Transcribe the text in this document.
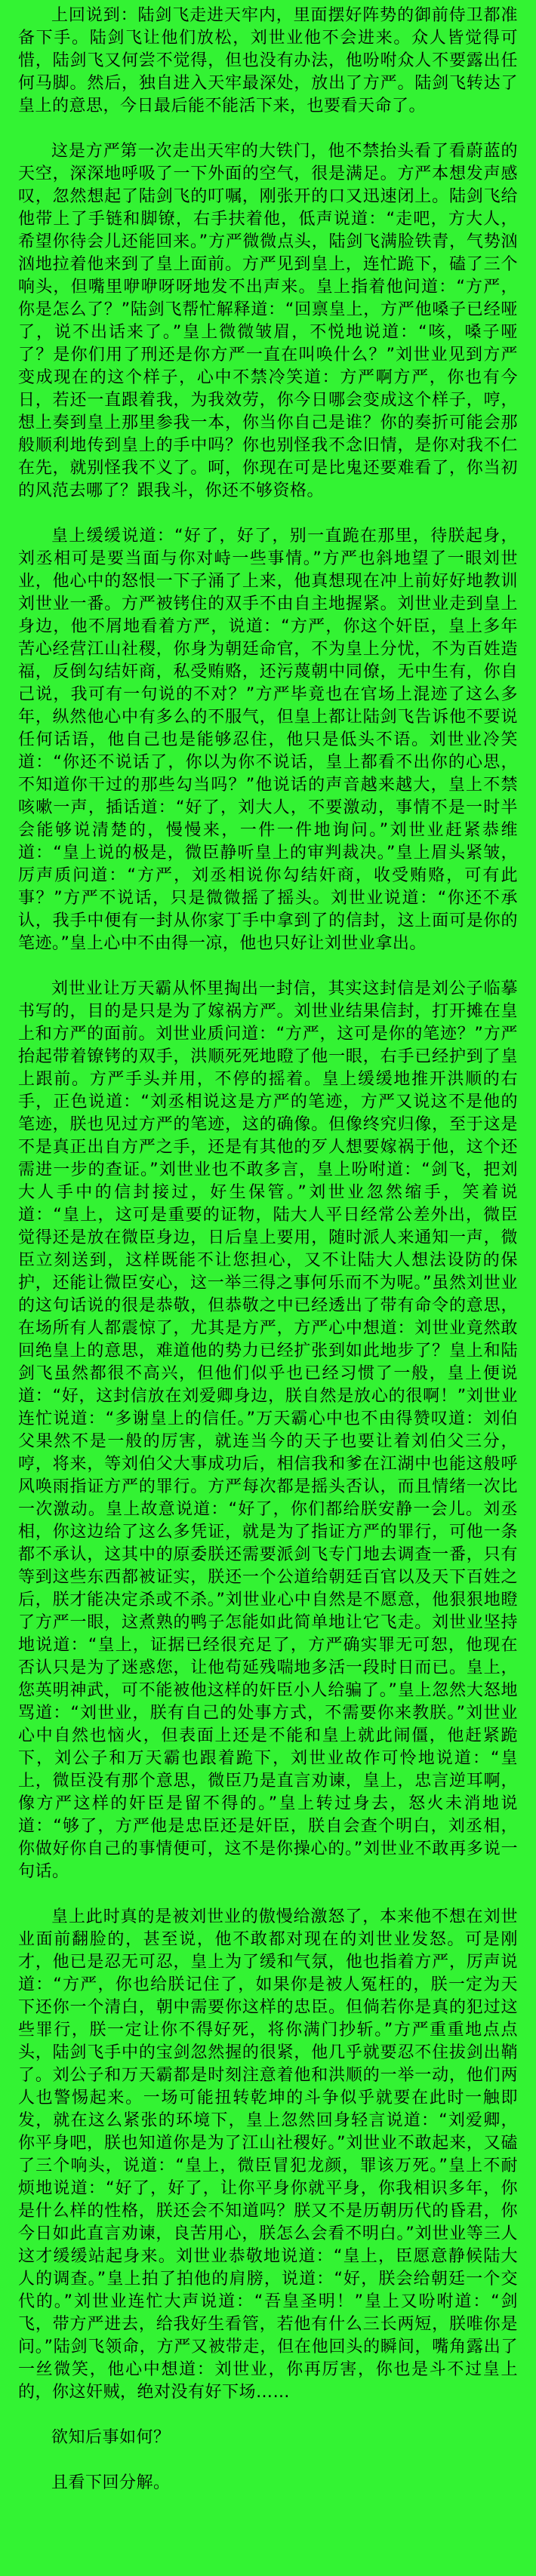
上回说到：陆剑飞走进天牢内，里面摆好阵势的御前侍卫都准备下手。陆剑飞让他们放松，刘世业他不会进来。众人皆觉得可惜，陆剑飞又何尝不觉得，但也没有办法，他吩咐众人不要露出任何马脚。然后，独自进入天牢最深处，放出了方严。陆剑飞转达了皇上的意思，今日最后能不能活下来，也要看天命了。

这是方严第一次走出天牢的大铁门，他不禁抬头看了看蔚蓝的天空，深深地呼吸了一下外面的空气，很是满足。方严本想发声感叹，忽然想起了陆剑飞的叮嘱，刚张开的口又迅速闭上。陆剑飞给他带上了手链和脚镣，右手扶着他，低声说道：“走吧，方大人，希望你待会儿还能回来。”方严微微点头，陆剑飞满脸铁青，气势汹汹地拉着他来到了皇上面前。方严见到皇上，连忙跪下，磕了三个响头，但嘴里咿咿呀呀地发不出声来。皇上指着他问道：“方严，你是怎么了？”陆剑飞帮忙解释道：“回禀皇上，方严他嗓子已经哑了，说不出话来了。”皇上微微皱眉，不悦地说道：“咳，嗓子哑了？是你们用了刑还是你方严一直在叫唤什么？”刘世业见到方严变成现在的这个样子，心中不禁冷笑道：方严啊方严，你也有今日，若还一直跟着我，为我效劳，你今日哪会变成这个样子，哼，想上奏到皇上那里参我一本，你当你自己是谁？你的奏折可能会那般顺利地传到皇上的手中吗？你也别怪我不念旧情，是你对我不仁在先，就别怪我不义了。呵，你现在可是比鬼还要难看了，你当初的风范去哪了？跟我斗，你还不够资格。

皇上缓缓说道：“好了，好了，别一直跪在那里，待朕起身，刘丞相可是要当面与你对峙一些事情。”方严也斜地望了一眼刘世业，他心中的怒恨一下子涌了上来，他真想现在冲上前好好地教训刘世业一番。方严被铐住的双手不由自主地握紧。刘世业走到皇上身边，他不屑地看着方严，说道：“方严，你这个奸臣，皇上多年苦心经营江山社稷，你身为朝廷命官，不为皇上分忧，不为百姓造福，反倒勾结奸商，私受贿赂，还污蔑朝中同僚，无中生有，你自己说，我可有一句说的不对？”方严毕竟也在官场上混迹了这么多年，纵然他心中有多么的不服气，但皇上都让陆剑飞告诉他不要说任何话语，他自己也是能够忍住，他只是低头不语。刘世业冷笑道：“你还不说话了，你以为你不说话，皇上都看不出你的心思，不知道你干过的那些勾当吗？”他说话的声音越来越大，皇上不禁咳嗽一声，插话道：“好了，刘大人，不要激动，事情不是一时半会能够说清楚的，慢慢来，一件一件地询问。”刘世业赶紧恭维道：“皇上说的极是，微臣静听皇上的审判裁决。”皇上眉头紧皱，厉声质问道：“方严，刘丞相说你勾结奸商，收受贿赂，可有此事？”方严不说话，只是微微摇了摇头。刘世业说道：“你还不承认，我手中便有一封从你家丁手中拿到了的信封，这上面可是你的笔迹。”皇上心中不由得一凉，他也只好让刘世业拿出。

刘世业让万天霸从怀里掏出一封信，其实这封信是刘公子临摹书写的，目的是只是为了嫁祸方严。刘世业结果信封，打开摊在皇上和方严的面前。刘世业质问道：“方严，这可是你的笔迹？”方严抬起带着镣铐的双手，洪顺死死地瞪了他一眼，右手已经护到了皇上跟前。方严手头并用，不停的摇着。皇上缓缓地推开洪顺的右手，正色说道：“刘丞相说这是方严的笔迹，方严又说这不是他的笔迹，朕也见过方严的笔迹，这的确像。但像终究归像，至于这是不是真正出自方严之手，还是有其他的歹人想要嫁祸于他，这个还需进一步的查证。”刘世业也不敢多言，皇上吩咐道：“剑飞，把刘大人手中的信封接过，好生保管。”刘世业忽然缩手，笑着说道：“皇上，这可是重要的证物，陆大人平日经常公差外出，微臣觉得还是放在微臣身边，日后皇上要用，随时派人来通知一声，微臣立刻送到，这样既能不让您担心，又不让陆大人想法设防的保护，还能让微臣安心，这一举三得之事何乐而不为呢。”虽然刘世业的这句话说的很是恭敬，但恭敬之中已经透出了带有命令的意思，在场所有人都震惊了，尤其是方严，方严心中想道：刘世业竟然敢回绝皇上的意思，难道他的势力已经扩张到如此地步了？皇上和陆剑飞虽然都很不高兴，但他们似乎也已经习惯了一般，皇上便说道：“好，这封信放在刘爱卿身边，朕自然是放心的很啊！”刘世业连忙说道：“多谢皇上的信任。”万天霸心中也不由得赞叹道：刘伯父果然不是一般的厉害，就连当今的天子也要让着刘伯父三分，哼，将来，等刘伯父大事成功后，相信我和爹在江湖中也能这般呼风唤雨指证方严的罪行。方严每次都是摇头否认，而且情绪一次比一次激动。皇上故意说道：“好了，你们都给朕安静一会儿。刘丞相，你这边给了这么多凭证，就是为了指证方严的罪行，可他一条都不承认，这其中的原委朕还需要派剑飞专门地去调查一番，只有等到这些东西都被证实，朕还一个公道给朝廷百官以及天下百姓之后，朕才能决定杀或不杀。”刘世业心中自然是不愿意，他狠狠地瞪了方严一眼，这煮熟的鸭子怎能如此简单地让它飞走。刘世业坚持地说道：“皇上，证据已经很充足了，方严确实罪无可恕，他现在否认只是为了迷惑您，让他苟延残喘地多活一段时日而已。皇上，您英明神武，可不能被他这样的奸臣小人给骗了。”皇上忽然大怒地骂道：“刘世业，朕有自己的处事方式，不需要你来教朕。”刘世业心中自然也恼火，但表面上还是不能和皇上就此闹僵，他赶紧跪下，刘公子和万天霸也跟着跪下，刘世业故作可怜地说道：“皇上，微臣没有那个意思，微臣乃是直言劝谏，皇上，忠言逆耳啊，像方严这样的奸臣是留不得的。”皇上转过身去，怒火未消地说道：“够了，方严他是忠臣还是奸臣，朕自会查个明白，刘丞相，你做好你自己的事情便可，这不是你操心的。”刘世业不敢再多说一句话。

皇上此时真的是被刘世业的傲慢给激怒了，本来他不想在刘世业面前翻脸的，甚至说，他不敢都对现在的刘世业发怒。可是刚才，他已是忍无可忍，皇上为了缓和气氛，他也指着方严，厉声说道：“方严，你也给朕记住了，如果你是被人冤枉的，朕一定为天下还你一个清白，朝中需要你这样的忠臣。但倘若你是真的犯过这些罪行，朕一定让你不得好死，将你满门抄斩。”方严重重地点点头，陆剑飞手中的宝剑忽然握的很紧，他几乎就要忍不住拔剑出鞘了。刘公子和万天霸都是时刻注意着他和洪顺的一举一动，他们两人也警惕起来。一场可能扭转乾坤的斗争似乎就要在此时一触即发，就在这么紧张的环境下，皇上忽然回身轻言说道：“刘爱卿，你平身吧，朕也知道你是为了江山社稷好。”刘世业不敢起来，又磕了三个响头，说道：“皇上，微臣冒犯龙颜，罪该万死。”皇上不耐烦地说道：“好了，好了，让你平身你就平身，你我相识多年，你是什么样的性格，朕还会不知道吗？朕又不是历朝历代的昏君，你今日如此直言劝谏，良苦用心，朕怎么会看不明白。”刘世业等三人这才缓缓站起身来。刘世业恭敬地说道：“皇上，臣愿意静候陆大人的调查。”皇上拍了拍他的肩膀，说道：“好，朕会给朝廷一个交代的。”刘世业连忙大声说道：“吾皇圣明！”皇上又吩咐道：“剑飞，带方严进去，给我好生看管，若他有什么三长两短，朕唯你是问。”陆剑飞领命，方严又被带走，但在他回头的瞬间，嘴角露出了一丝微笑，他心中想道：刘世业，你再厉害，你也是斗不过皇上的，你这奸贼，绝对没有好下场……

欲知后事如何？

且看下回分解。
